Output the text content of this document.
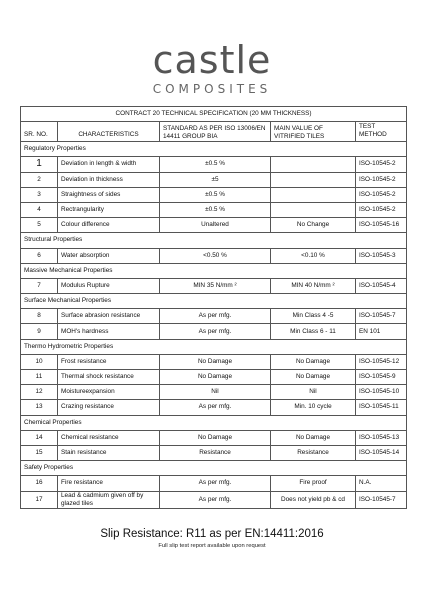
castle
COMPOSITES
CONTRACT 20 TECHNICAL SPECIFICATION (20 MM THICKNESS)				
SR. NO.	CHARACTERISTICS	STANDARD AS PER ISO 13006/EN 14411 GROUP BIA	MAIN VALUE OF VITRIFIED TILES	TEST METHOD
Regulatory Properties				
1	Deviation in length & width	±0.5 %		ISO-10545-2
2	Deviation in thickness	±5		ISO-10545-2
3	Straightness of sides	±0.5 %		ISO-10545-2
4	Rectrangularity	±0.5 %		ISO-10545-2
5	Colour difference	Unaltered	No Change	ISO-10545-16
Structural Properties				
6	Water absorption	<0.50 %	<0.10 %	ISO-10545-3
Massive Mechanical Properties				
7	Modulus Rupture	MIN 35 N/mm ²	MIN 40 N/mm ²	ISO-10545-4
Surface Mechanical Properties				
8	Surface abrasion resistance	As per mfg.	Min Class 4 -5	ISO-10545-7
9	MOH's hardness	As per mfg.	Min Class 6 - 11	EN 101
Thermo Hydrometric Properties				
10	Frost resistance	No Damage	No Damage	ISO-10545-12
11	Thermal shock resistance	No Damage	No Damage	ISO-10545-9
12	Moistureexpansion	Nil	Nil	ISO-10545-10
13	Crazing resistance	As per mfg.	Min. 10 cycle	ISO-10545-11
Chemical Properties				
14	Chemical resistance	No Damage	No Damage	ISO-10545-13
15	Stain resistance	Resistance	Resistance	ISO-10545-14
Safety Properties				
16	Fire resistance	As per mfg.	Fire proof	N.A.
17	Lead & cadmium given off by glazed tiles	As per mfg.	Does not yield pb & cd	ISO-10545-7
Slip Resistance: R11 as per EN:14411:2016
Full slip test report available upon request
